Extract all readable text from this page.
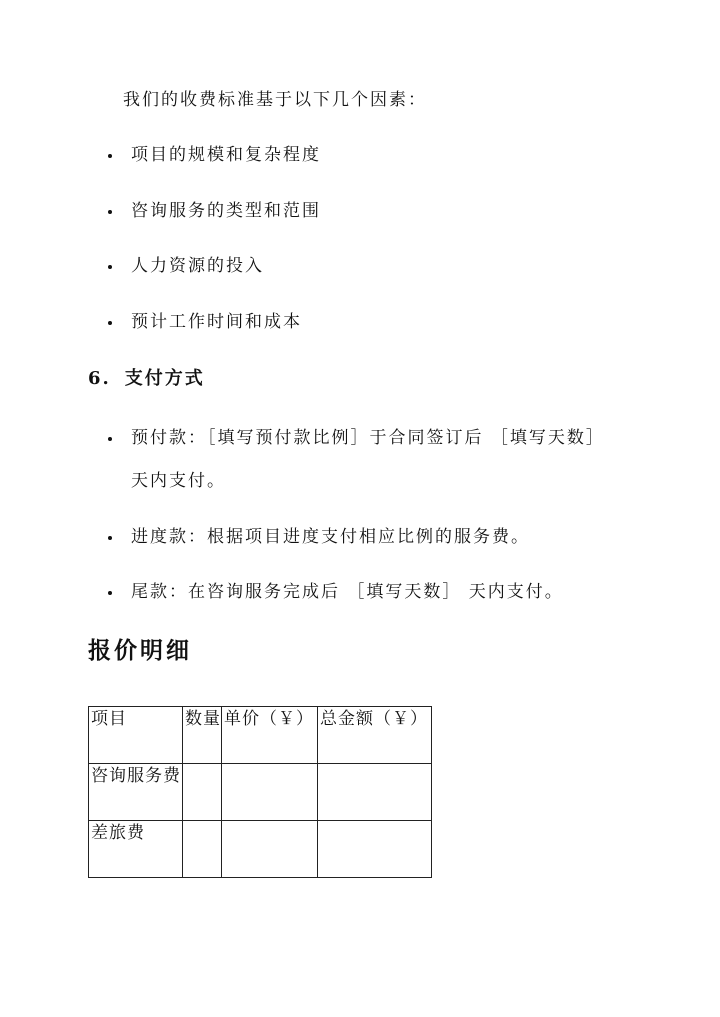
我们的收费标准基于以下几个因素：
项目的规模和复杂程度
咨询服务的类型和范围
人力资源的投入
预计工作时间和成本
6. 支付方式
预付款：［填写预付款比例］于合同签订后 ［填写天数］
天内支付。
进度款：根据项目进度支付相应比例的服务费。
尾款：在咨询服务完成后 ［填写天数］ 天内支付。
报价明细
项目	数量	单价（￥）	总金额（￥）
咨询服务费			
差旅费			
